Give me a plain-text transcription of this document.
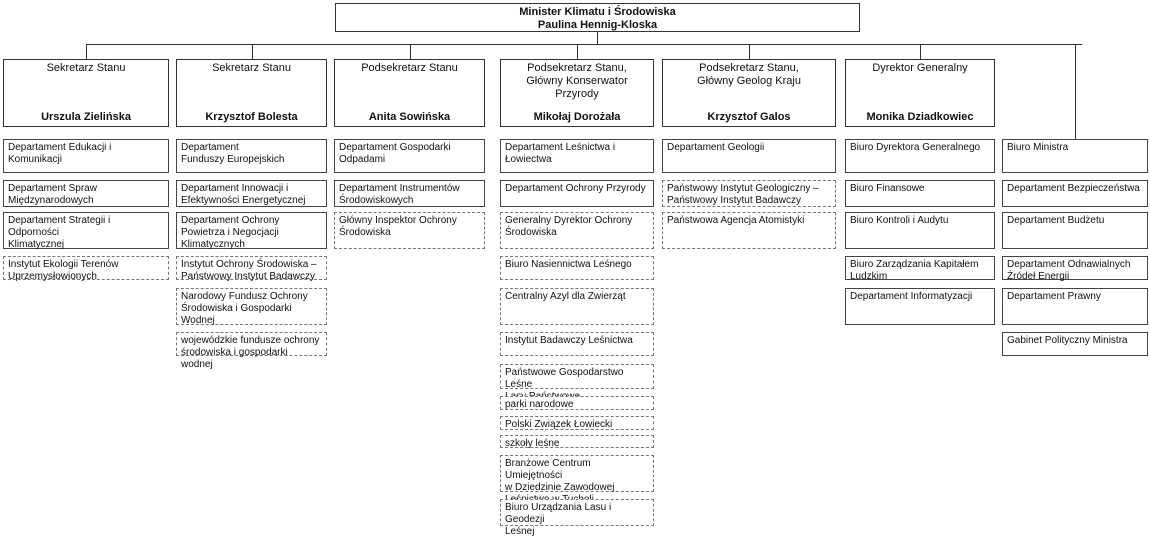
Minister Klimatu i Środowiska
Paulina Hennig-Kloska
Sekretarz Stanu
Urszula Zielińska
Departament Edukacji i Komunikacji
Departament Spraw
Międzynarodowych
Departament Strategii i Odporności
Klimatycznej
Instytut Ekologii Terenów
Uprzemysłowionych
Sekretarz Stanu
Krzysztof Bolesta
Departament
Funduszy Europejskich
Departament Innowacji i
Efektywności Energetycznej
Departament Ochrony
Powietrza i Negocjacji
Klimatycznych
Instytut Ochrony Środowiska –
Państwowy Instytut Badawczy
Narodowy Fundusz Ochrony
Środowiska i Gospodarki
Wodnej
wojewódzkie fundusze ochrony
środowiska i gospodarki wodnej
Podsekretarz Stanu
Anita Sowińska
Departament Gospodarki
Odpadami
Departament Instrumentów
Środowiskowych
Główny Inspektor Ochrony
Środowiska
Podsekretarz Stanu,
Główny Konserwator
Przyrody
Mikołaj Dorożała
Departament Leśnictwa i
Łowiectwa
Departament Ochrony Przyrody
Generalny Dyrektor Ochrony
Środowiska
Biuro Nasiennictwa Leśnego
Centralny Azyl dla Zwierząt
Instytut Badawczy Leśnictwa
Państwowe Gospodarstwo Leśne

parki narodowe
Polski Związek Łowiecki
szkoły leśne
Branżowe Centrum Umiejętności
w Dziedzinie Zawodowej

Biuro Urządzania Lasu i Geodezji
Leśnej
Podsekretarz Stanu,
Główny Geolog Kraju
Krzysztof Galos
Departament Geologii
Państwowy Instytut Geologiczny –
Państwowy Instytut Badawczy
Państwowa Agencja Atomistyki
Dyrektor Generalny
Monika Dziadkowiec
Biuro Dyrektora Generalnego
Biuro Finansowe
Biuro Kontroli i Audytu
Biuro Zarządzania Kapitałem
Ludzkim
Departament Informatyzacji
Biuro Ministra
Departament Bezpieczeństwa
Departament Budżetu
Departament Odnawialnych
Źródeł Energii
Departament Prawny
Gabinet Polityczny Ministra
